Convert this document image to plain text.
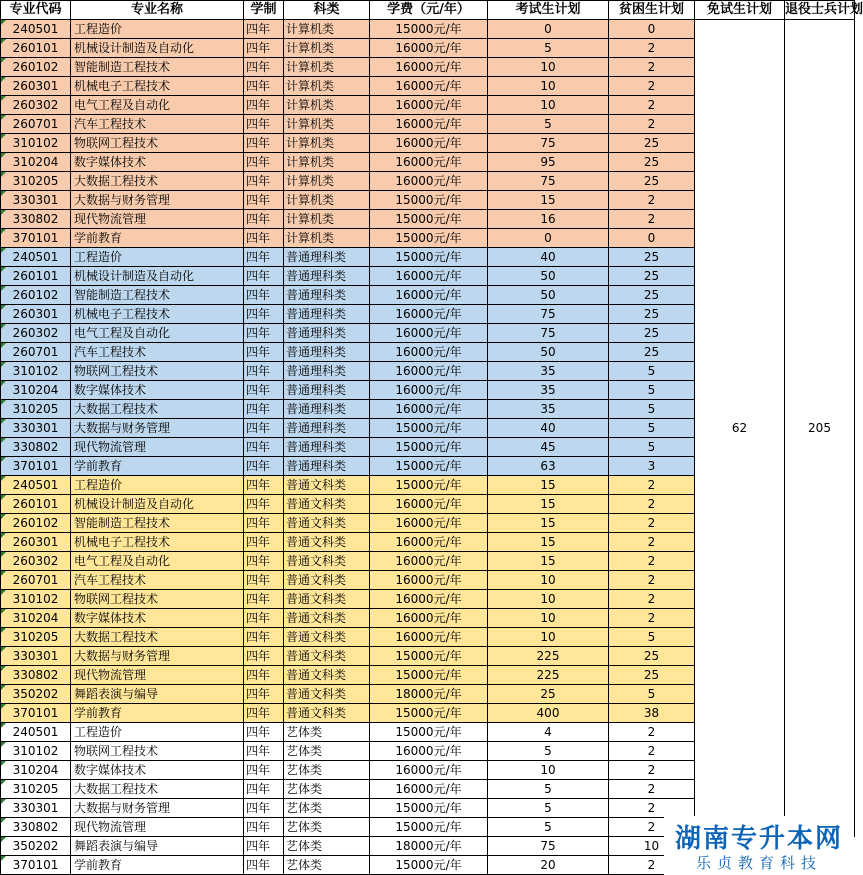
专业代码	专业名称	学制	科类	学费（元/年）	考试生计划	贫困生计划	免试生计划	退役士兵计划
240501	工程造价	四年	计算机类	15000元/年	0	0	62	205
260101	机械设计制造及自动化	四年	计算机类	16000元/年	5	2		
260102	智能制造工程技术	四年	计算机类	16000元/年	10	2		
260301	机械电子工程技术	四年	计算机类	16000元/年	10	2		
260302	电气工程及自动化	四年	计算机类	16000元/年	10	2		
260701	汽车工程技术	四年	计算机类	16000元/年	5	2		
310102	物联网工程技术	四年	计算机类	16000元/年	75	25		
310204	数字媒体技术	四年	计算机类	16000元/年	95	25		
310205	大数据工程技术	四年	计算机类	16000元/年	75	25		
330301	大数据与财务管理	四年	计算机类	15000元/年	15	2		
330802	现代物流管理	四年	计算机类	15000元/年	16	2		
370101	学前教育	四年	计算机类	15000元/年	0	0		
240501	工程造价	四年	普通理科类	15000元/年	40	25		
260101	机械设计制造及自动化	四年	普通理科类	16000元/年	50	25		
260102	智能制造工程技术	四年	普通理科类	16000元/年	50	25		
260301	机械电子工程技术	四年	普通理科类	16000元/年	75	25		
260302	电气工程及自动化	四年	普通理科类	16000元/年	75	25		
260701	汽车工程技术	四年	普通理科类	16000元/年	50	25		
310102	物联网工程技术	四年	普通理科类	16000元/年	35	5		
310204	数字媒体技术	四年	普通理科类	16000元/年	35	5		
310205	大数据工程技术	四年	普通理科类	16000元/年	35	5		
330301	大数据与财务管理	四年	普通理科类	15000元/年	40	5		
330802	现代物流管理	四年	普通理科类	15000元/年	45	5		
370101	学前教育	四年	普通理科类	15000元/年	63	3		
240501	工程造价	四年	普通文科类	15000元/年	15	2		
260101	机械设计制造及自动化	四年	普通文科类	16000元/年	15	2		
260102	智能制造工程技术	四年	普通文科类	16000元/年	15	2		
260301	机械电子工程技术	四年	普通文科类	16000元/年	15	2		
260302	电气工程及自动化	四年	普通文科类	16000元/年	15	2		
260701	汽车工程技术	四年	普通文科类	16000元/年	10	2		
310102	物联网工程技术	四年	普通文科类	16000元/年	10	2		
310204	数字媒体技术	四年	普通文科类	16000元/年	10	2		
310205	大数据工程技术	四年	普通文科类	16000元/年	10	5		
330301	大数据与财务管理	四年	普通文科类	15000元/年	225	25		
330802	现代物流管理	四年	普通文科类	15000元/年	225	25		
350202	舞蹈表演与编导	四年	普通文科类	18000元/年	25	5		
370101	学前教育	四年	普通文科类	15000元/年	400	38		
240501	工程造价	四年	艺体类	15000元/年	4	2		
310102	物联网工程技术	四年	艺体类	16000元/年	5	2		
310204	数字媒体技术	四年	艺体类	16000元/年	10	2		
310205	大数据工程技术	四年	艺体类	16000元/年	5	2		
330301	大数据与财务管理	四年	艺体类	15000元/年	5	2		
330802	现代物流管理	四年	艺体类	15000元/年	5	2		
350202	舞蹈表演与编导	四年	艺体类	18000元/年	75	10		
370101	学前教育	四年	艺体类	15000元/年	20	2		
湖南专升本网
乐贞教育科技
